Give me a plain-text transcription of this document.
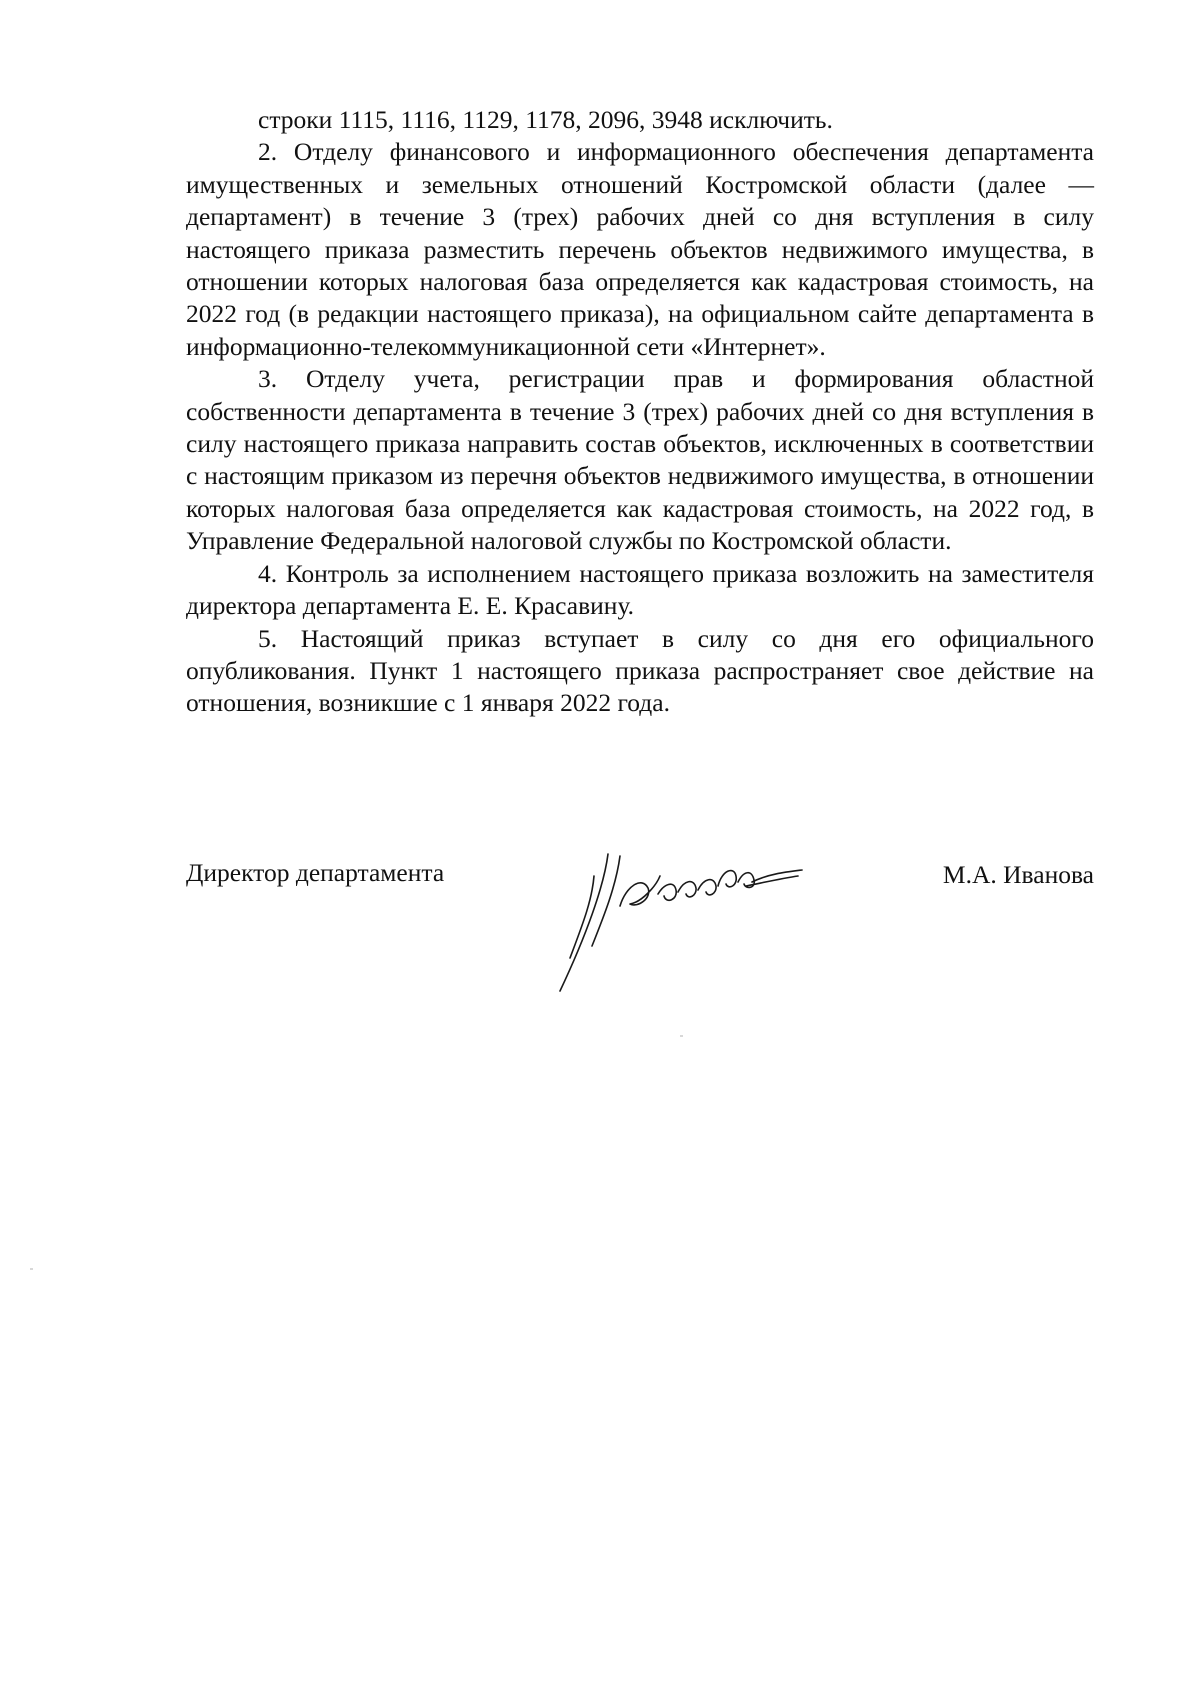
строки 1115, 1116, 1129, 1178, 2096, 3948 исключить.

2. Отделу финансового и информационного обеспечения департамента имущественных и земельных отношений Костромской области (далее — департамент) в течение 3 (трех) рабочих дней со дня вступления в силу настоящего приказа разместить перечень объектов недвижимого имущества, в отношении которых налоговая база определяется как кадастровая стоимость, на 2022 год (в редакции настоящего приказа), на официальном сайте департамента в информационно-телекоммуникационной сети «Интернет».

3. Отделу учета, регистрации прав и формирования областной собственности департамента в течение 3 (трех) рабочих дней со дня вступления в силу настоящего приказа направить состав объектов, исключенных в соответствии с настоящим приказом из перечня объектов недвижимого имущества, в отношении которых налоговая база определяется как кадастровая стоимость, на 2022 год, в Управление Федеральной налоговой службы по Костромской области.

4. Контроль за исполнением настоящего приказа возложить на заместителя директора департамента Е. Е. Красавину.

5. Настоящий приказ вступает в силу со дня его официального опубликования. Пункт 1 настоящего приказа распространяет свое действие на отношения, возникшие с 1 января 2022 года.

Директор департамента	М.А. Иванова
